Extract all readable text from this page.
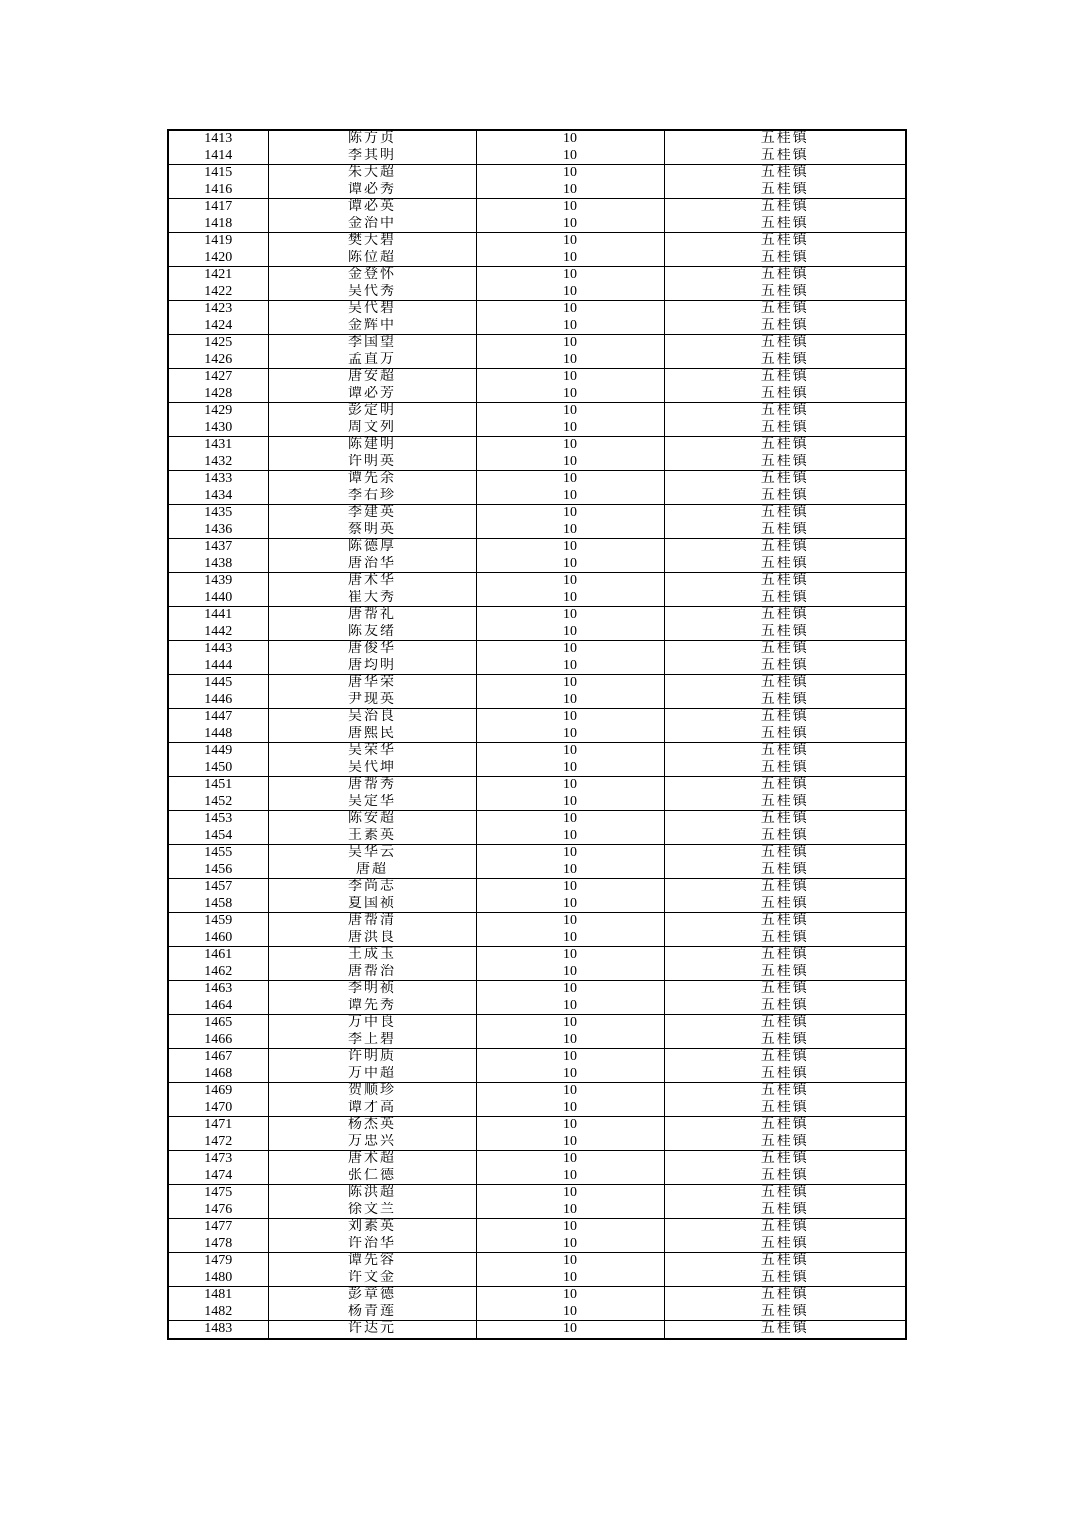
1413	陈方贞	10	五桂镇
1414	李其明	10	五桂镇
1415	朱大超	10	五桂镇
1416	谭必秀	10	五桂镇
1417	谭必英	10	五桂镇
1418	金治中	10	五桂镇
1419	樊大碧	10	五桂镇
1420	陈位超	10	五桂镇
1421	金登怀	10	五桂镇
1422	吴代秀	10	五桂镇
1423	吴代碧	10	五桂镇
1424	金辉中	10	五桂镇
1425	李国望	10	五桂镇
1426	孟直万	10	五桂镇
1427	唐安超	10	五桂镇
1428	谭必芳	10	五桂镇
1429	彭定明	10	五桂镇
1430	周文列	10	五桂镇
1431	陈建明	10	五桂镇
1432	许明英	10	五桂镇
1433	谭先余	10	五桂镇
1434	李右珍	10	五桂镇
1435	李建英	10	五桂镇
1436	蔡明英	10	五桂镇
1437	陈德厚	10	五桂镇
1438	唐治华	10	五桂镇
1439	唐术华	10	五桂镇
1440	崔大秀	10	五桂镇
1441	唐帮礼	10	五桂镇
1442	陈友绪	10	五桂镇
1443	唐俊华	10	五桂镇
1444	唐均明	10	五桂镇
1445	唐华荣	10	五桂镇
1446	尹现英	10	五桂镇
1447	吴治良	10	五桂镇
1448	唐熙民	10	五桂镇
1449	吴荣华	10	五桂镇
1450	吴代坤	10	五桂镇
1451	唐帮秀	10	五桂镇
1452	吴定华	10	五桂镇
1453	陈安超	10	五桂镇
1454	王素英	10	五桂镇
1455	吴华云	10	五桂镇
1456	唐超	10	五桂镇
1457	李尚志	10	五桂镇
1458	夏国祯	10	五桂镇
1459	唐帮清	10	五桂镇
1460	唐洪良	10	五桂镇
1461	王成玉	10	五桂镇
1462	唐帮治	10	五桂镇
1463	李明祯	10	五桂镇
1464	谭先秀	10	五桂镇
1465	万中良	10	五桂镇
1466	李上碧	10	五桂镇
1467	许明质	10	五桂镇
1468	万中超	10	五桂镇
1469	贺顺珍	10	五桂镇
1470	谭才高	10	五桂镇
1471	杨杰英	10	五桂镇
1472	万忠兴	10	五桂镇
1473	唐术超	10	五桂镇
1474	张仁德	10	五桂镇
1475	陈洪超	10	五桂镇
1476	徐文兰	10	五桂镇
1477	刘素英	10	五桂镇
1478	许治华	10	五桂镇
1479	谭先容	10	五桂镇
1480	许文金	10	五桂镇
1481	彭章德	10	五桂镇
1482	杨青莲	10	五桂镇
1483	许达元	10	五桂镇
